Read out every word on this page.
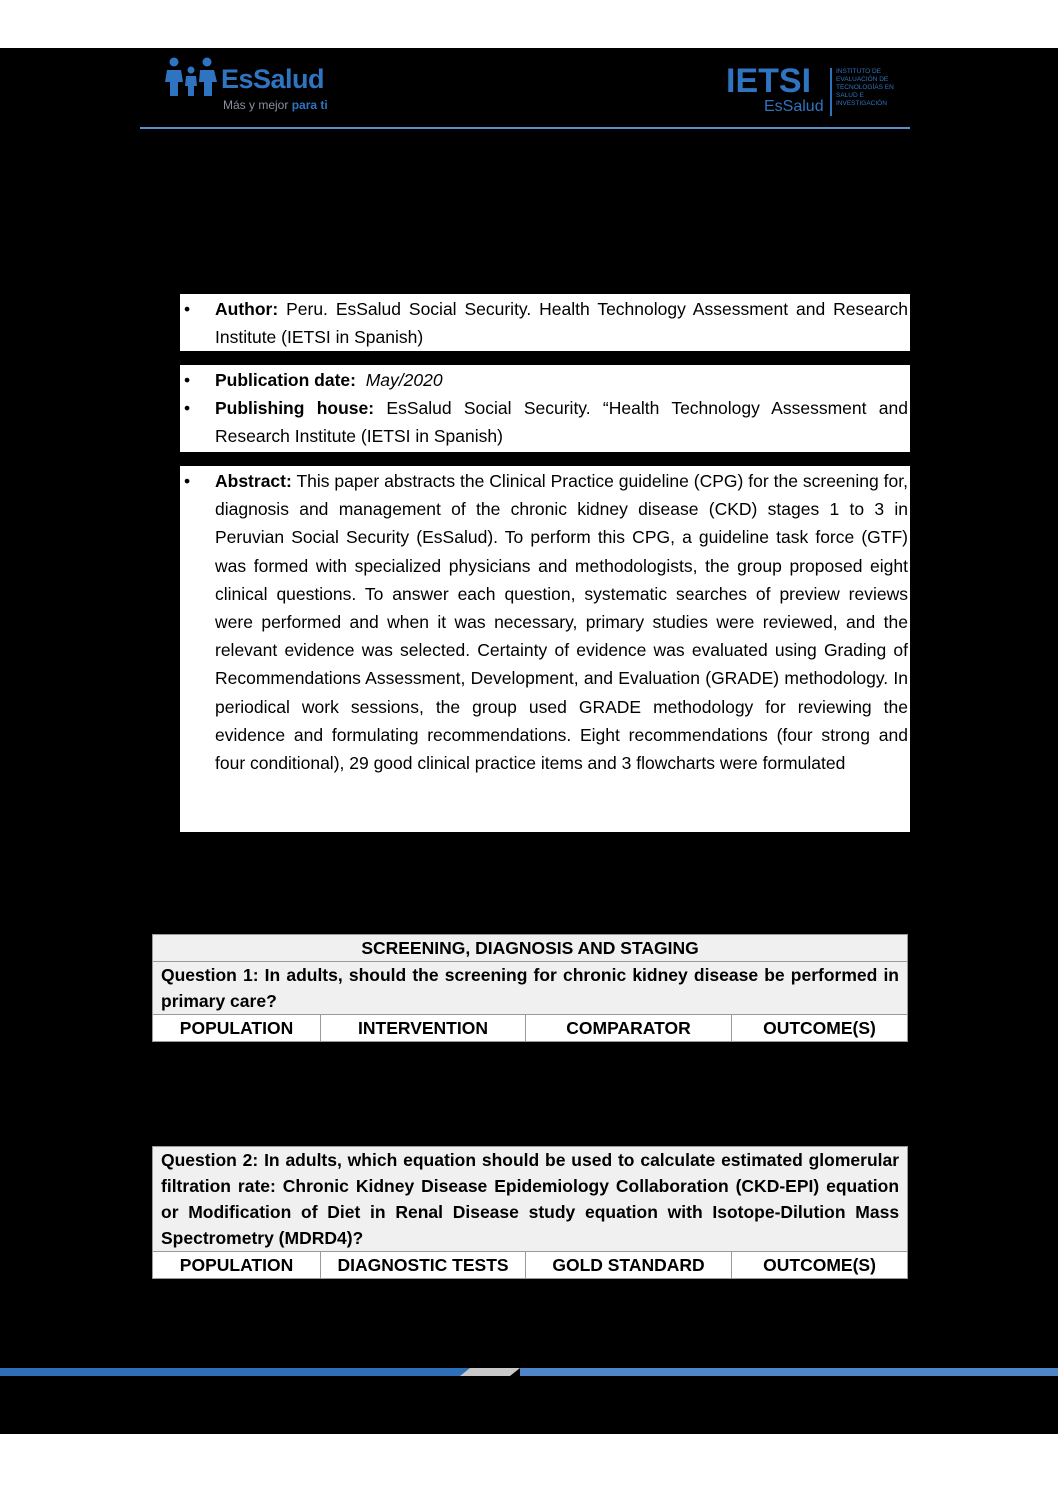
EsSalud
Más y mejor para ti
IETSI
EsSalud
INSTITUTO DE EVALUACIÓN DE TECNOLOGÍAS EN SALUD E INVESTIGACIÓN
• Author: Peru. EsSalud Social Security. Health Technology Assessment and Research Institute (IETSI in Spanish)
• Publication date: May/2020
• Publishing house: EsSalud Social Security. “Health Technology Assessment and Research Institute (IETSI in Spanish)
• Abstract: This paper abstracts the Clinical Practice guideline (CPG) for the screening for, diagnosis and management of the chronic kidney disease (CKD) stages 1 to 3 in Peruvian Social Security (EsSalud). To perform this CPG, a guideline task force (GTF) was formed with specialized physicians and methodologists, the group proposed eight clinical questions. To answer each question, systematic searches of preview reviews were performed and when it was necessary, primary studies were reviewed, and the relevant evidence was selected. Certainty of evidence was evaluated using Grading of Recommendations Assessment, Development, and Evaluation (GRADE) methodology. In periodical work sessions, the group used GRADE methodology for reviewing the evidence and formulating recommendations. Eight recommendations (four strong and four conditional), 29 good clinical practice items and 3 flowcharts were formulated
SCREENING, DIAGNOSIS AND STAGING
Question 1: In adults, should the screening for chronic kidney disease be performed in primary care?
POPULATION	INTERVENTION	COMPARATOR	OUTCOME(S)
Question 2: In adults, which equation should be used to calculate estimated glomerular filtration rate: Chronic Kidney Disease Epidemiology Collaboration (CKD-EPI) equation or Modification of Diet in Renal Disease study equation with Isotope-Dilution Mass Spectrometry (MDRD4)?
POPULATION	DIAGNOSTIC TESTS	GOLD STANDARD	OUTCOME(S)
